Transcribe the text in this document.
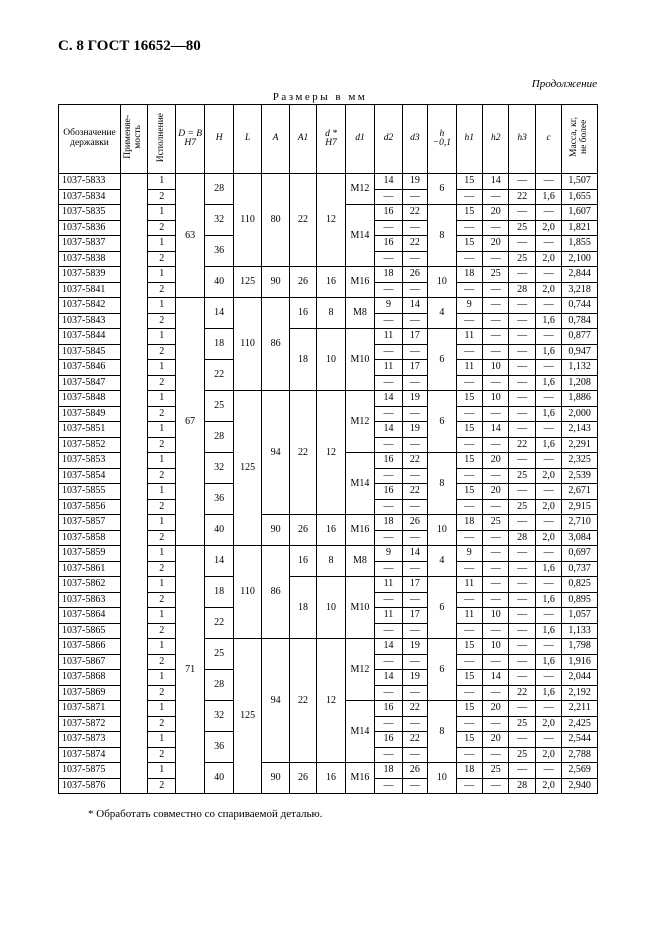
С. 8 ГОСТ 16652—80
Продолжение
Размеры в мм
Обозначение державки	Применяе-
мость	Исполнение	D = B
H7	H	L	A	A1	d *
H7	d1	d2	d3	h
−0,1	h1	h2	h3	c	Масса, кг,
не более
1037-5833		1	63	28	110	80	22	12	M12	14	19	6	15	14	—	—	1,507
1037-5834		2								—	—		—	—	22	1,6	1,655
1037-5835		1		32					M14	16	22	8	15	20	—	—	1,607
1037-5836		2								—	—		—	—	25	2,0	1,821
1037-5837		1		36						16	22		15	20	—	—	1,855
1037-5838		2								—	—		—	—	25	2,0	2,100
1037-5839		1		40	125	90	26	16	M16	18	26	10	18	25	—	—	2,844
1037-5841		2								—	—		—	—	28	2,0	3,218
1037-5842		1	67	14	110	86	16	8	M8	9	14	4	9	—	—	—	0,744
1037-5843		2								—	—		—	—	—	1,6	0,784
1037-5844		1		18			18	10	M10	11	17	6	11	—	—	—	0,877
1037-5845		2								—	—		—	—	—	1,6	0,947
1037-5846		1		22						11	17		11	10	—	—	1,132
1037-5847		2								—	—		—	—	—	1,6	1,208
1037-5848		1		25	125	94	22	12	M12	14	19	6	15	10	—	—	1,886
1037-5849		2								—	—		—	—	—	1,6	2,000
1037-5851		1		28						14	19		15	14	—	—	2,143
1037-5852		2								—	—		—	—	22	1,6	2,291
1037-5853		1		32					M14	16	22	8	15	20	—	—	2,325
1037-5854		2								—	—		—	—	25	2,0	2,539
1037-5855		1		36						16	22		15	20	—	—	2,671
1037-5856		2								—	—		—	—	25	2,0	2,915
1037-5857		1		40		90	26	16	M16	18	26	10	18	25	—	—	2,710
1037-5858		2								—	—		—	—	28	2,0	3,084
1037-5859		1	71	14	110	86	16	8	M8	9	14	4	9	—	—	—	0,697
1037-5861		2								—	—		—	—	—	1,6	0,737
1037-5862		1		18			18	10	M10	11	17	6	11	—	—	—	0,825
1037-5863		2								—	—		—	—	—	1,6	0,895
1037-5864		1		22						11	17		11	10	—	—	1,057
1037-5865		2								—	—		—	—	—	1,6	1,133
1037-5866		1		25	125	94	22	12	M12	14	19	6	15	10	—	—	1,798
1037-5867		2								—	—		—	—	—	1,6	1,916
1037-5868		1		28						14	19		15	14	—	—	2,044
1037-5869		2								—	—		—	—	22	1,6	2,192
1037-5871		1		32					M14	16	22	8	15	20	—	—	2,211
1037-5872		2								—	—		—	—	25	2,0	2,425
1037-5873		1		36						16	22		15	20	—	—	2,544
1037-5874		2								—	—		—	—	25	2,0	2,788
1037-5875		1		40		90	26	16	M16	18	26	10	18	25	—	—	2,569
1037-5876		2								—	—		—	—	28	2,0	2,940
* Обработать совместно со спариваемой деталью.
